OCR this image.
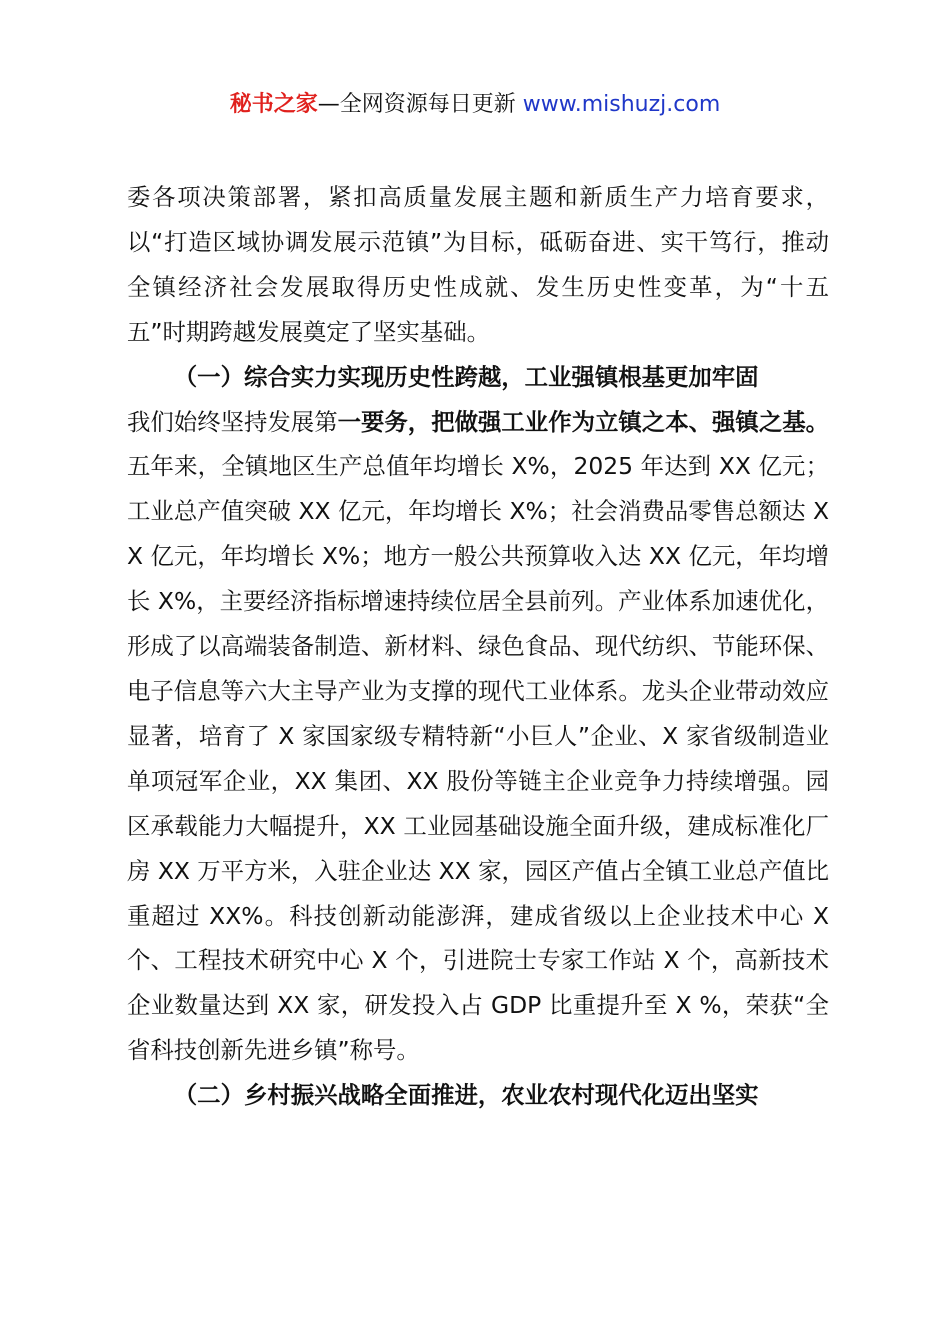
秘书之家—全网资源每日更新 www.mishuzj.com

委各项决策部署，紧扣高质量发展主题和新质生产力培育要求，以“打造区域协调发展示范镇”为目标，砥砺奋进、实干笃行，推动全镇经济社会发展取得历史性成就、发生历史性变革，为“十五五”时期跨越发展奠定了坚实基础。

（一）综合实力实现历史性跨越，工业强镇根基更加牢固

我们始终坚持发展第一要务，把做强工业作为立镇之本、强镇之基。五年来，全镇地区生产总值年均增长 X%，2025 年达到 XX 亿元；工业总产值突破 XX 亿元，年均增长 X%；社会消费品零售总额达 XX 亿元，年均增长 X%；地方一般公共预算收入达 XX 亿元，年均增长 X%，主要经济指标增速持续位居全县前列。产业体系加速优化，形成了以高端装备制造、新材料、绿色食品、现代纺织、节能环保、电子信息等六大主导产业为支撑的现代工业体系。龙头企业带动效应显著，培育了 X 家国家级专精特新“小巨人”企业、X 家省级制造业单项冠军企业，XX 集团、XX 股份等链主企业竞争力持续增强。园区承载能力大幅提升，XX 工业园基础设施全面升级，建成标准化厂房 XX 万平方米，入驻企业达 XX 家，园区产值占全镇工业总产值比重超过 XX%。科技创新动能澎湃，建成省级以上企业技术中心 X 个、工程技术研究中心 X 个，引进院士专家工作站 X 个，高新技术企业数量达到 XX 家，研发投入占 GDP 比重提升至 X %，荣获“全省科技创新先进乡镇”称号。

（二）乡村振兴战略全面推进，农业农村现代化迈出坚实
